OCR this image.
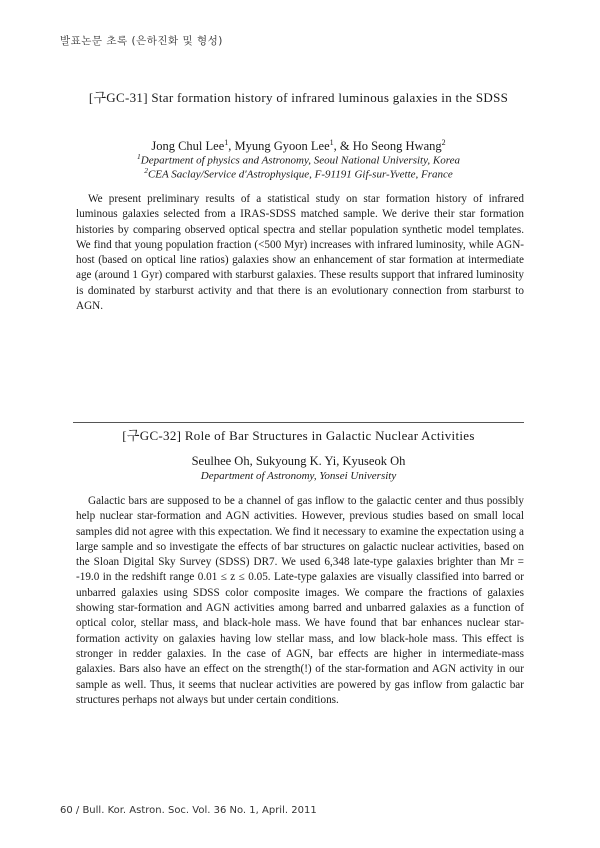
발표논문 초록 (은하진화 및 형성)
[구GC-31] Star formation history of infrared luminous galaxies in the SDSS
Jong Chul Lee$^1$, Myung Gyoon Lee$^1$, & Ho Seong Hwang$^2$
$^1$Department of physics and Astronomy, Seoul National University, Korea
$^2$CEA Saclay/Service d'Astrophysique, F-91191 Gif-sur-Yvette, France

We present preliminary results of a statistical study on star formation history of infrared luminous galaxies selected from a IRAS-SDSS matched sample. We derive their star formation histories by comparing observed optical spectra and stellar population synthetic model templates. We find that young population fraction (<500 Myr) increases with infrared luminosity, while AGN-host (based on optical line ratios) galaxies show an enhancement of star formation at intermediate age (around 1 Gyr) compared with starburst galaxies. These results support that infrared luminosity is dominated by starburst activity and that there is an evolutionary connection from starburst to AGN.

[구GC-32] Role of Bar Structures in Galactic Nuclear Activities
Seulhee Oh, Sukyoung K. Yi, Kyuseok Oh
Department of Astronomy, Yonsei University

Galactic bars are supposed to be a channel of gas inflow to the galactic center and thus possibly help nuclear star-formation and AGN activities. However, previous studies based on small local samples did not agree with this expectation. We find it necessary to examine the expectation using a large sample and so investigate the effects of bar structures on galactic nuclear activities, based on the Sloan Digital Sky Survey (SDSS) DR7. We used 6,348 late-type galaxies brighter than Mr = -19.0 in the redshift range 0.01 ≤ z ≤ 0.05. Late-type galaxies are visually classified into barred or unbarred galaxies using SDSS color composite images. We compare the fractions of galaxies showing star-formation and AGN activities among barred and unbarred galaxies as a function of optical color, stellar mass, and black-hole mass. We have found that bar enhances nuclear star-formation activity on galaxies having low stellar mass, and low black-hole mass. This effect is stronger in redder galaxies. In the case of AGN, bar effects are higher in intermediate-mass galaxies. Bars also have an effect on the strength(!) of the star-formation and AGN activity in our sample as well. Thus, it seems that nuclear activities are powered by gas inflow from galactic bar structures perhaps not always but under certain conditions.

60 / Bull. Kor. Astron. Soc. Vol. 36 No. 1, April. 2011
